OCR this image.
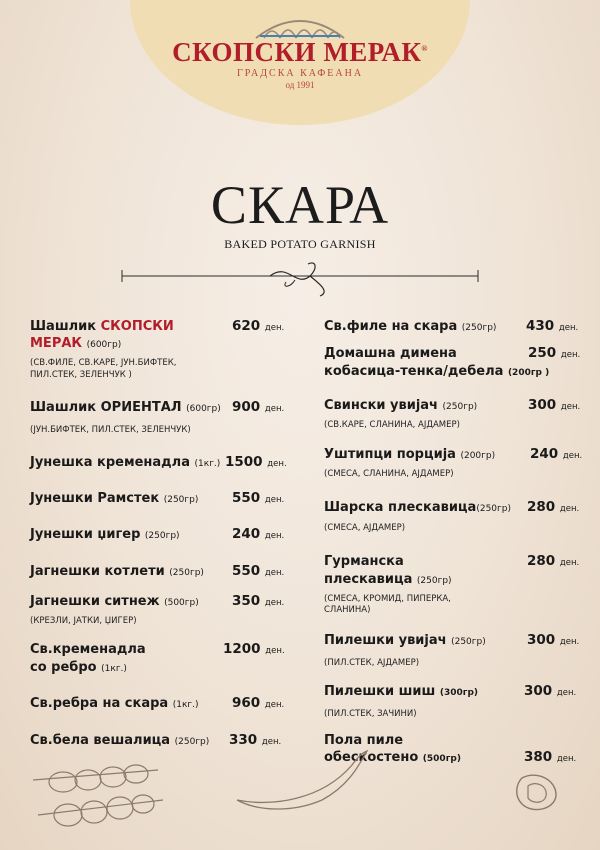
СКОПСКИ МЕРАК®
ГРАДСКА КАФЕАНА
од 1991
СКАРА
BAKED POTATO GARNISH
Шашлик СКОПСКИ
МЕРАК (600гр)
(СВ.ФИЛЕ, СВ.КАРЕ, ЈУН.БИФТЕК,
ПИЛ.СТЕК, ЗЕЛЕНЧУК )
620 ден.
Шашлик ОРИЕНТАЛ (600гр)
(ЈУН.БИФТЕК, ПИЛ.СТЕК, ЗЕЛЕНЧУК)
900 ден.
Јунешка кременадла (1кг.) 1500 ден.
Јунешки Рамстек (250гр) 550 ден.
Јунешки џигер (250гр)	240 ден.
Јагнешки котлети (250гр) 550 ден.
Јагнешки ситнеж (500гр)
(КРЕЗЛИ, ЈАТКИ, ЏИГЕР)
350 ден.
Св.кременадла
со ребро (1кг.)
1200 ден.
Св.ребра на скара (1кг.) 960 ден.
Св.бела вешалица (250гр) 330 ден.
Св.филе на скара (250гр) 430 ден.
Домашна димена
кобасица-тенка/дебела (200гр )
250 ден.
Свински увијач (250гр)
(СВ.КАРЕ, СЛАНИНА, АЈДАМЕР)
300 ден.
Уштипци порција (200гр)
(СМЕСА, СЛАНИНА, АЈДАМЕР)
240 ден.
Шарска плескавица(250гр)
(СМЕСА, АЈДАМЕР)
280 ден.
Гурманска
плескавица (250гр)
(СМЕСА, КРОМИД, ПИПЕРКА,
СЛАНИНА)
280 ден.
Пилешки увијач (250гр)
(ПИЛ.СТЕК, АЈДАМЕР)
300 ден.
Пилешки шиш (300гр)
(ПИЛ.СТЕК, ЗАЧИНИ)
300 ден.
Пола пиле
обескостено (500гр)	380 ден.
